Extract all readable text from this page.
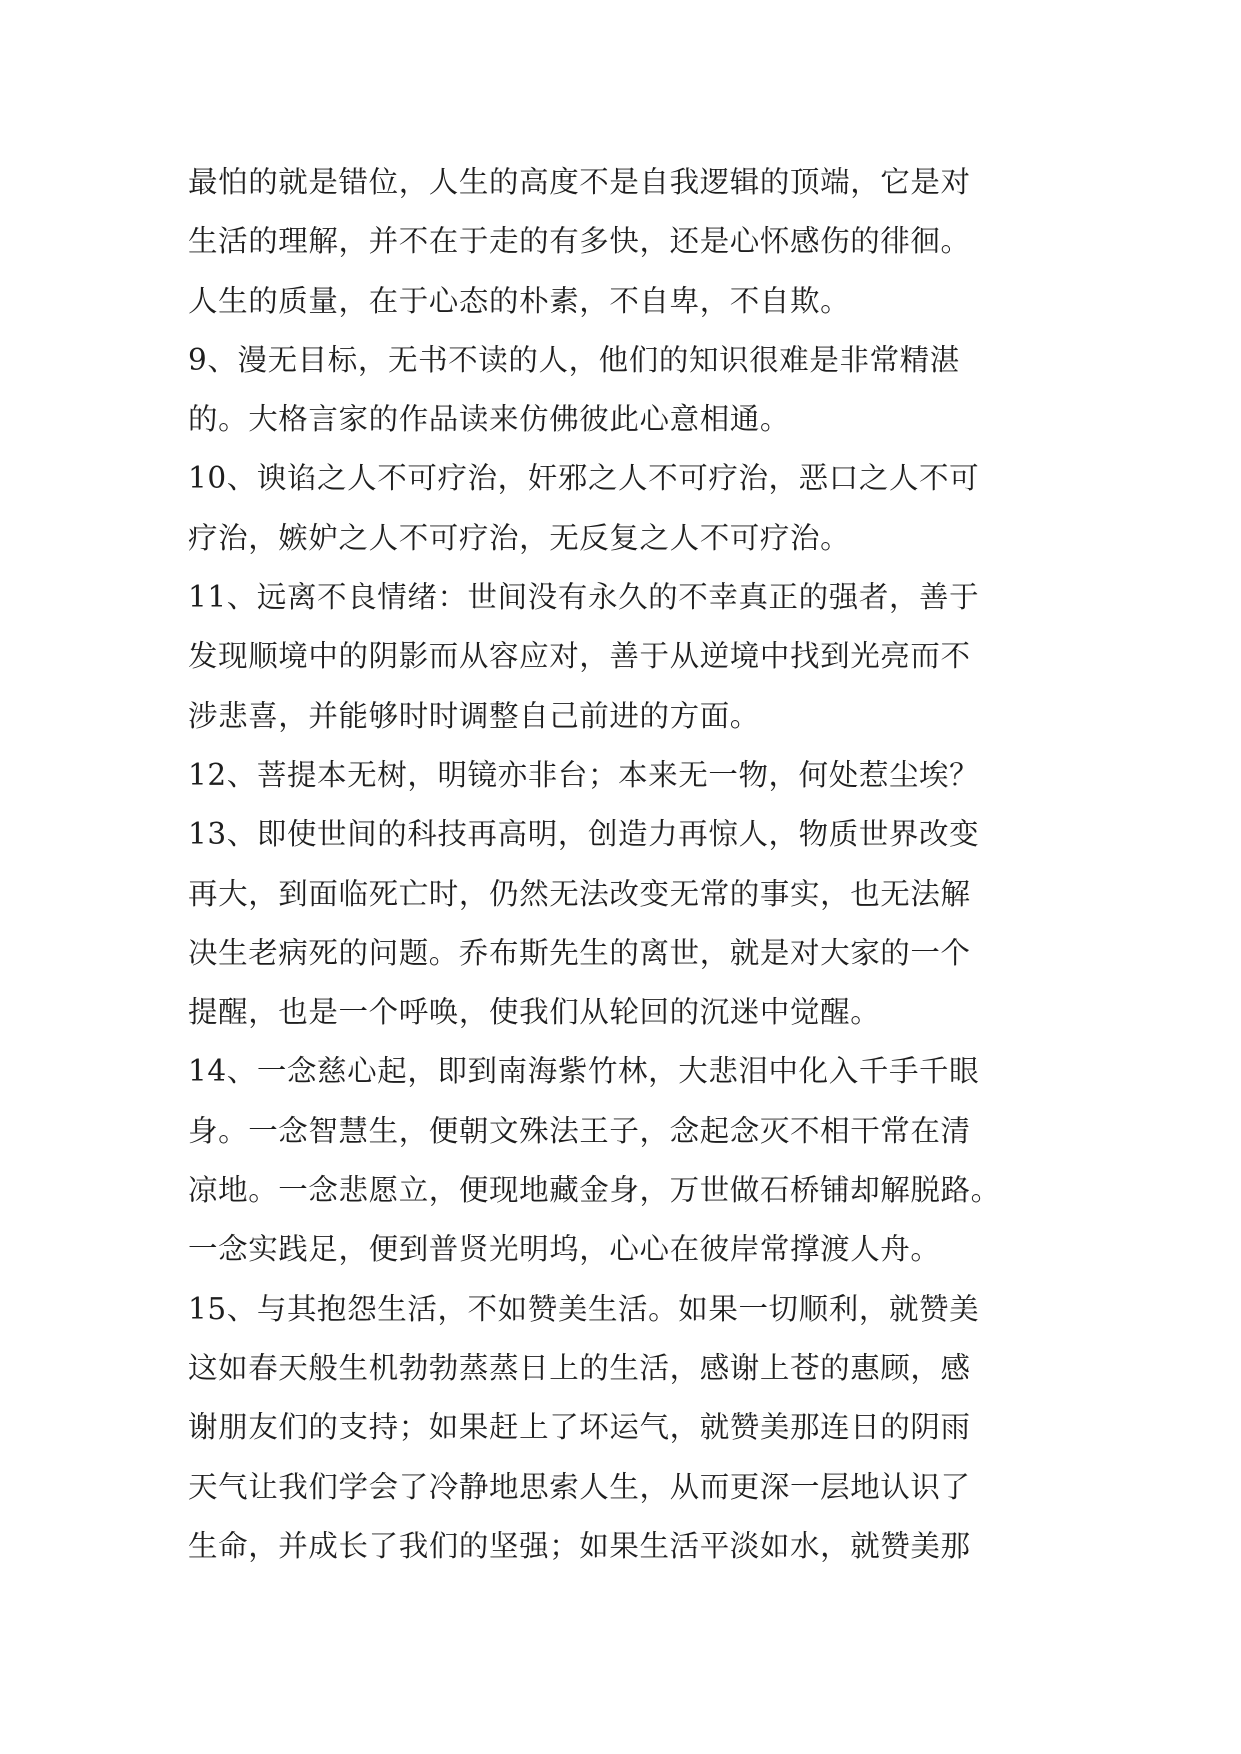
最怕的就是错位，人生的高度不是自我逻辑的顶端，它是对
生活的理解，并不在于走的有多快，还是心怀感伤的徘徊。
人生的质量，在于心态的朴素，不自卑，不自欺。
9、漫无目标，无书不读的人，他们的知识很难是非常精湛
的。大格言家的作品读来仿佛彼此心意相通。
10、谀谄之人不可疗治，奸邪之人不可疗治，恶口之人不可
疗治，嫉妒之人不可疗治，无反复之人不可疗治。
11、远离不良情绪：世间没有永久的不幸真正的强者，善于
发现顺境中的阴影而从容应对，善于从逆境中找到光亮而不
涉悲喜，并能够时时调整自己前进的方面。
12、菩提本无树，明镜亦非台；本来无一物，何处惹尘埃？
13、即使世间的科技再高明，创造力再惊人，物质世界改变
再大，到面临死亡时，仍然无法改变无常的事实，也无法解
决生老病死的问题。乔布斯先生的离世，就是对大家的一个
提醒，也是一个呼唤，使我们从轮回的沉迷中觉醒。
14、一念慈心起，即到南海紫竹林，大悲泪中化入千手千眼
身。一念智慧生，便朝文殊法王子，念起念灭不相干常在清
凉地。一念悲愿立，便现地藏金身，万世做石桥铺却解脱路。
一念实践足，便到普贤光明坞，心心在彼岸常撑渡人舟。
15、与其抱怨生活，不如赞美生活。如果一切顺利，就赞美
这如春天般生机勃勃蒸蒸日上的生活，感谢上苍的惠顾，感
谢朋友们的支持；如果赶上了坏运气，就赞美那连日的阴雨
天气让我们学会了冷静地思索人生，从而更深一层地认识了
生命，并成长了我们的坚强；如果生活平淡如水，就赞美那
